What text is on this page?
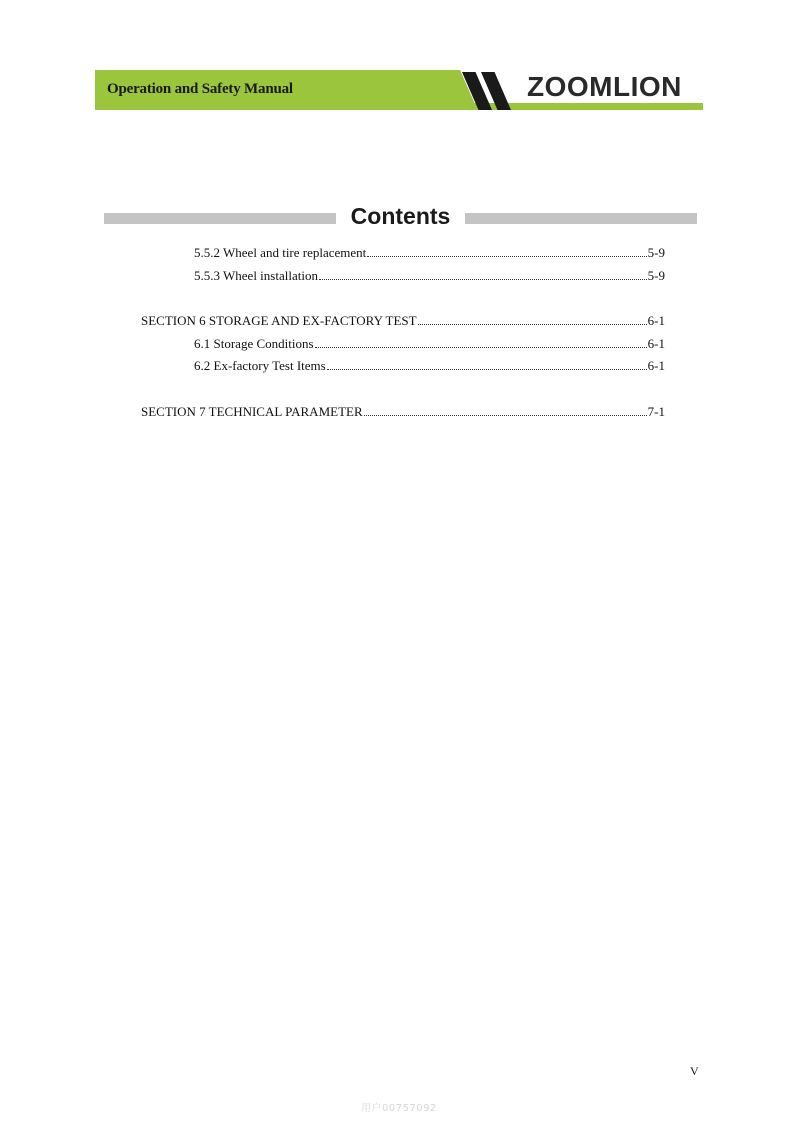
Operation and Safety Manual	ZOOMLION
Contents
5.5.2 Wheel and tire replacement	5-9
5.5.3 Wheel installation	5-9
SECTION 6 STORAGE AND EX-FACTORY TEST	6-1
6.1 Storage Conditions	6-1
6.2 Ex-factory Test Items	6-1
SECTION 7 TECHNICAL PARAMETER	7-1
V
用户00757092
